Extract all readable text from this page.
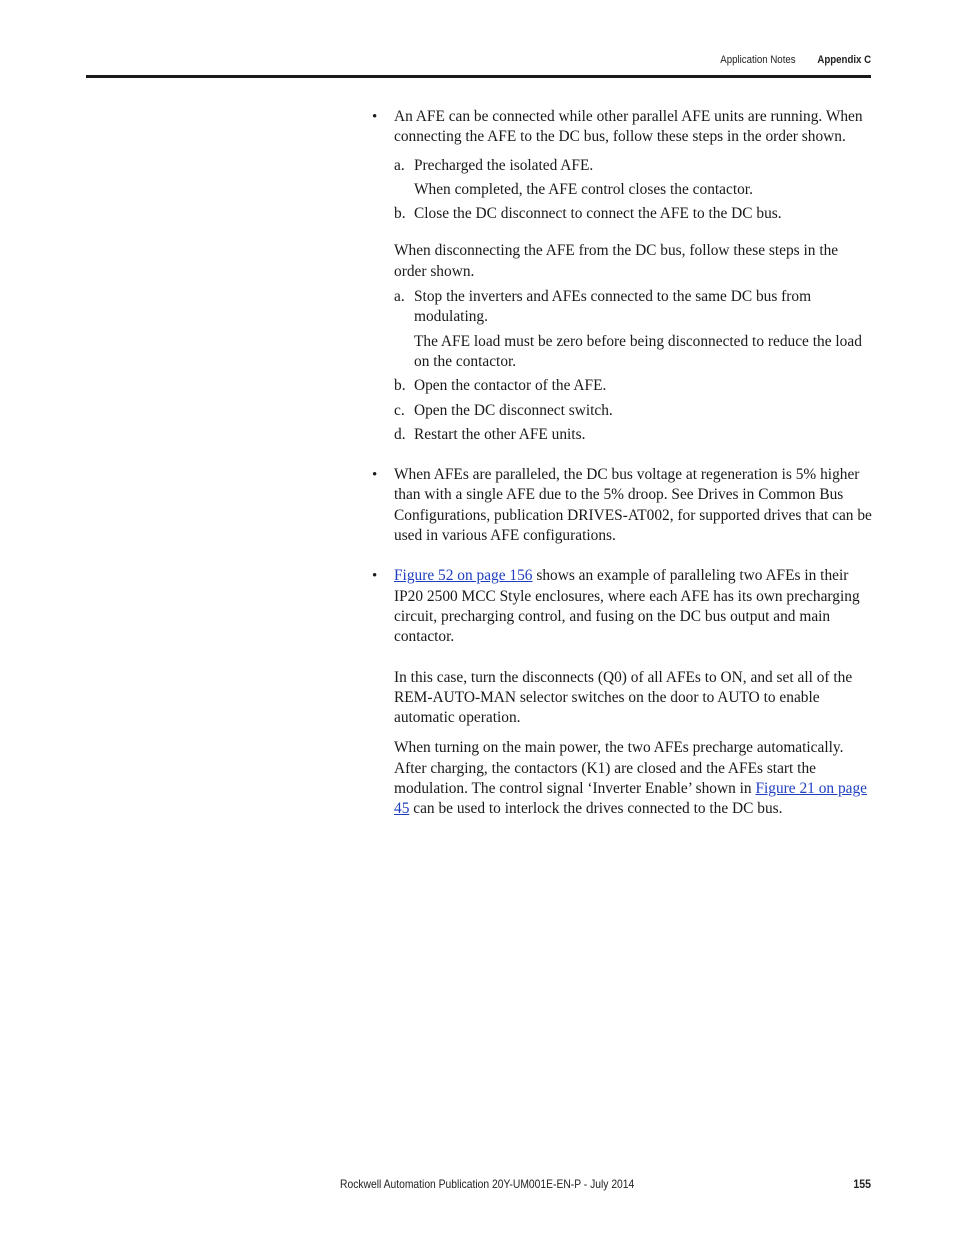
Application Notes Appendix C
• An AFE can be connected while other parallel AFE units are running. When connecting the AFE to the DC bus, follow these steps in the order shown.

a. Precharged the isolated AFE.
When completed, the AFE control closes the contactor.
b. Close the DC disconnect to connect the AFE to the DC bus.

When disconnecting the AFE from the DC bus, follow these steps in the order shown.

a. Stop the inverters and AFEs connected to the same DC bus from modulating.
The AFE load must be zero before being disconnected to reduce the load on the contactor.
b. Open the contactor of the AFE.
c. Open the DC disconnect switch.
d. Restart the other AFE units.
• When AFEs are paralleled, the DC bus voltage at regeneration is 5% higher than with a single AFE due to the 5% droop. See Drives in Common Bus Configurations, publication DRIVES-AT002, for supported drives that can be used in various AFE configurations.

• Figure 52 on page 156 shows an example of paralleling two AFEs in their IP20 2500 MCC Style enclosures, where each AFE has its own precharging circuit, precharging control, and fusing on the DC bus output and main contactor.

In this case, turn the disconnects (Q0) of all AFEs to ON, and set all of the REM-AUTO-MAN selector switches on the door to AUTO to enable automatic operation.

When turning on the main power, the two AFEs precharge automatically. After charging, the contactors (K1) are closed and the AFEs start the modulation. The control signal ‘Inverter Enable’ shown in Figure 21 on page 45 can be used to interlock the drives connected to the DC bus.

Rockwell Automation Publication 20Y-UM001E-EN-P - July 2014	155
